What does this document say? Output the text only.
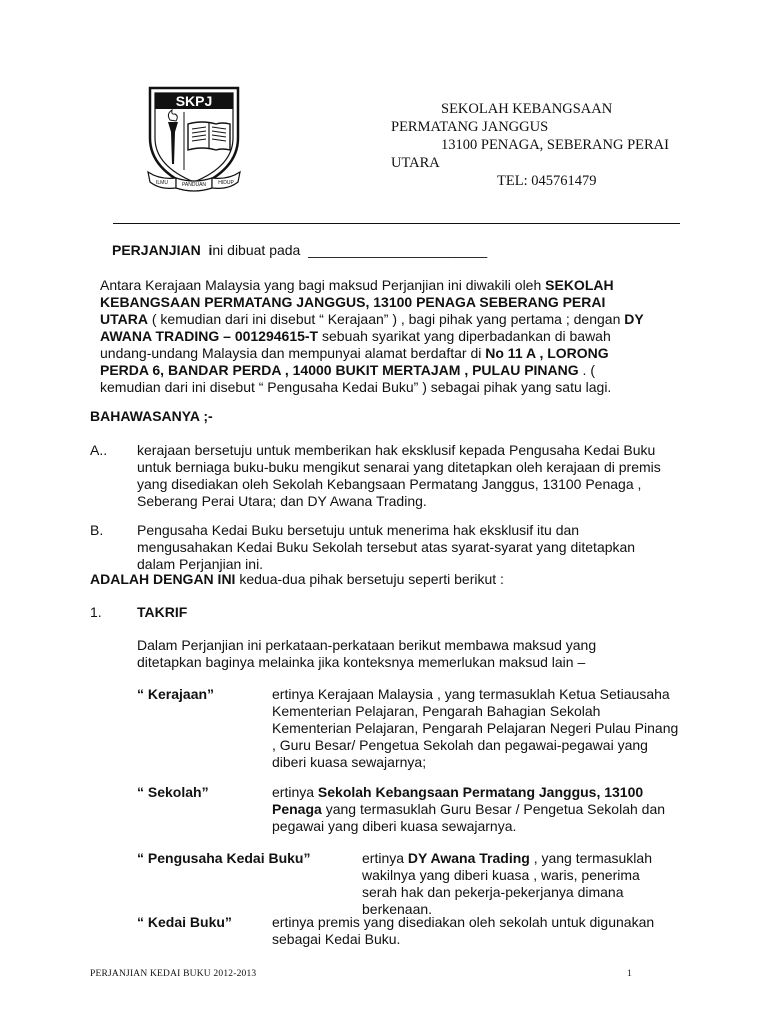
SKPJ
ILMU	PANDUAN HIDUP
SEKOLAH KEBANGSAAN
PERMATANG JANGGUS
13100 PENAGA, SEBERANG PERAI
UTARA
TEL: 045761479
PERJANJIAN ini dibuat pada _______________________
Antara Kerajaan Malaysia yang bagi maksud Perjanjian ini diwakili oleh SEKOLAH KEBANGSAAN PERMATANG JANGGUS, 13100 PENAGA SEBERANG PERAI UTARA ( kemudian dari ini disebut “ Kerajaan” ) , bagi pihak yang pertama ; dengan DY AWANA TRADING – 001294615-T sebuah syarikat yang diperbadankan di bawah undang-undang Malaysia dan mempunyai alamat berdaftar di No 11 A , LORONG PERDA 6, BANDAR PERDA , 14000 BUKIT MERTAJAM , PULAU PINANG . ( kemudian dari ini disebut “ Pengusaha Kedai Buku” ) sebagai pihak yang satu lagi.
BAHAWASANYA ;-
A.. kerajaan bersetuju untuk memberikan hak eksklusif kepada Pengusaha Kedai Buku untuk berniaga buku-buku mengikut senarai yang ditetapkan oleh kerajaan di premis yang disediakan oleh Sekolah Kebangsaan Permatang Janggus, 13100 Penaga , Seberang Perai Utara; dan DY Awana Trading.
B. Pengusaha Kedai Buku bersetuju untuk menerima hak eksklusif itu dan mengusahakan Kedai Buku Sekolah tersebut atas syarat-syarat yang ditetapkan dalam Perjanjian ini.
ADALAH DENGAN INI kedua-dua pihak bersetuju seperti berikut :
1.	TAKRIF
Dalam Perjanjian ini perkataan-perkataan berikut membawa maksud yang ditetapkan baginya melainka jika konteksnya memerlukan maksud lain –
“ Kerajaan”	ertinya Kerajaan Malaysia , yang termasuklah Ketua Setiausaha Kementerian Pelajaran, Pengarah Bahagian Sekolah Kementerian Pelajaran, Pengarah Pelajaran Negeri Pulau Pinang , Guru Besar/ Pengetua Sekolah dan pegawai-pegawai yang diberi kuasa sewajarnya;
“ Sekolah”	ertinya Sekolah Kebangsaan Permatang Janggus, 13100 Penaga yang termasuklah Guru Besar / Pengetua Sekolah dan pegawai yang diberi kuasa sewajarnya.
“ Pengusaha Kedai Buku”	ertinya DY Awana Trading , yang termasuklah wakilnya yang diberi kuasa , waris, penerima serah hak dan pekerja-pekerjanya dimana berkenaan.
“ Kedai Buku”	ertinya premis yang disediakan oleh sekolah untuk digunakan sebagai Kedai Buku.
PERJANJIAN KEDAI BUKU 2012-2013	1
